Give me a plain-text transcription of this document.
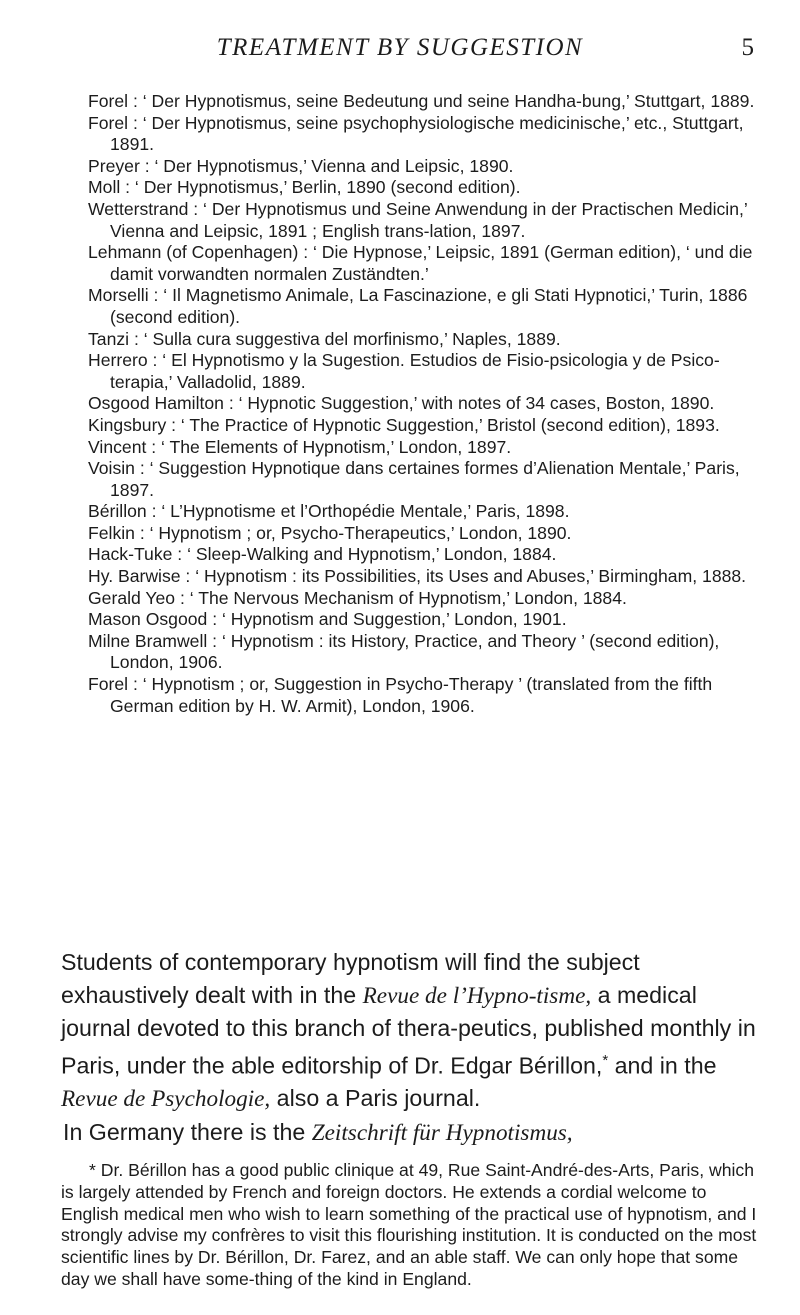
TREATMENT BY SUGGESTION	5

Forel : ‘ Der Hypnotismus, seine Bedeutung und seine Handha-bung,’ Stuttgart, 1889.

Forel : ‘ Der Hypnotismus, seine psychophysiologische medicinische,’ etc., Stuttgart, 1891.

Preyer : ‘ Der Hypnotismus,’ Vienna and Leipsic, 1890.

Moll : ‘ Der Hypnotismus,’ Berlin, 1890 (second edition).

Wetterstrand : ‘ Der Hypnotismus und Seine Anwendung in der Practischen Medicin,’ Vienna and Leipsic, 1891 ; English trans-lation, 1897.

Lehmann (of Copenhagen) : ‘ Die Hypnose,’ Leipsic, 1891 (German edition), ‘ und die damit vorwandten normalen Zuständten.’

Morselli : ‘ Il Magnetismo Animale, La Fascinazione, e gli Stati Hypnotici,’ Turin, 1886 (second edition).

Tanzi : ‘ Sulla cura suggestiva del morfinismo,’ Naples, 1889.

Herrero : ‘ El Hypnotismo y la Sugestion. Estudios de Fisio-psicologia y de Psico-terapia,’ Valladolid, 1889.

Osgood Hamilton : ‘ Hypnotic Suggestion,’ with notes of 34 cases, Boston, 1890.

Kingsbury : ‘ The Practice of Hypnotic Suggestion,’ Bristol (second edition), 1893.

Vincent : ‘ The Elements of Hypnotism,’ London, 1897.

Voisin : ‘ Suggestion Hypnotique dans certaines formes d’Alienation Mentale,’ Paris, 1897.

Bérillon : ‘ L’Hypnotisme et l’Orthopédie Mentale,’ Paris, 1898.

Felkin : ‘ Hypnotism ; or, Psycho-Therapeutics,’ London, 1890.

Hack-Tuke : ‘ Sleep-Walking and Hypnotism,’ London, 1884.

Hy. Barwise : ‘ Hypnotism : its Possibilities, its Uses and Abuses,’ Birmingham, 1888.

Gerald Yeo : ‘ The Nervous Mechanism of Hypnotism,’ London, 1884.

Mason Osgood : ‘ Hypnotism and Suggestion,’ London, 1901.

Milne Bramwell : ‘ Hypnotism : its History, Practice, and Theory ’ (second edition), London, 1906.

Forel : ‘ Hypnotism ; or, Suggestion in Psycho-Therapy ’ (translated from the fifth German edition by H. W. Armit), London, 1906.

Students of contemporary hypnotism will find the subject exhaustively dealt with in the Revue de l’Hypno-tisme, a medical journal devoted to this branch of thera-peutics, published monthly in Paris, under the able editorship of Dr. Edgar Bérillon,* and in the Revue de Psychologie, also a Paris journal.

In Germany there is the Zeitschrift für Hypnotismus,

* Dr. Bérillon has a good public clinique at 49, Rue Saint-André-des-Arts, Paris, which is largely attended by French and foreign doctors. He extends a cordial welcome to English medical men who wish to learn something of the practical use of hypnotism, and I strongly advise my confrères to visit this flourishing institution. It is conducted on the most scientific lines by Dr. Bérillon, Dr. Farez, and an able staff. We can only hope that some day we shall have some-thing of the kind in England.
